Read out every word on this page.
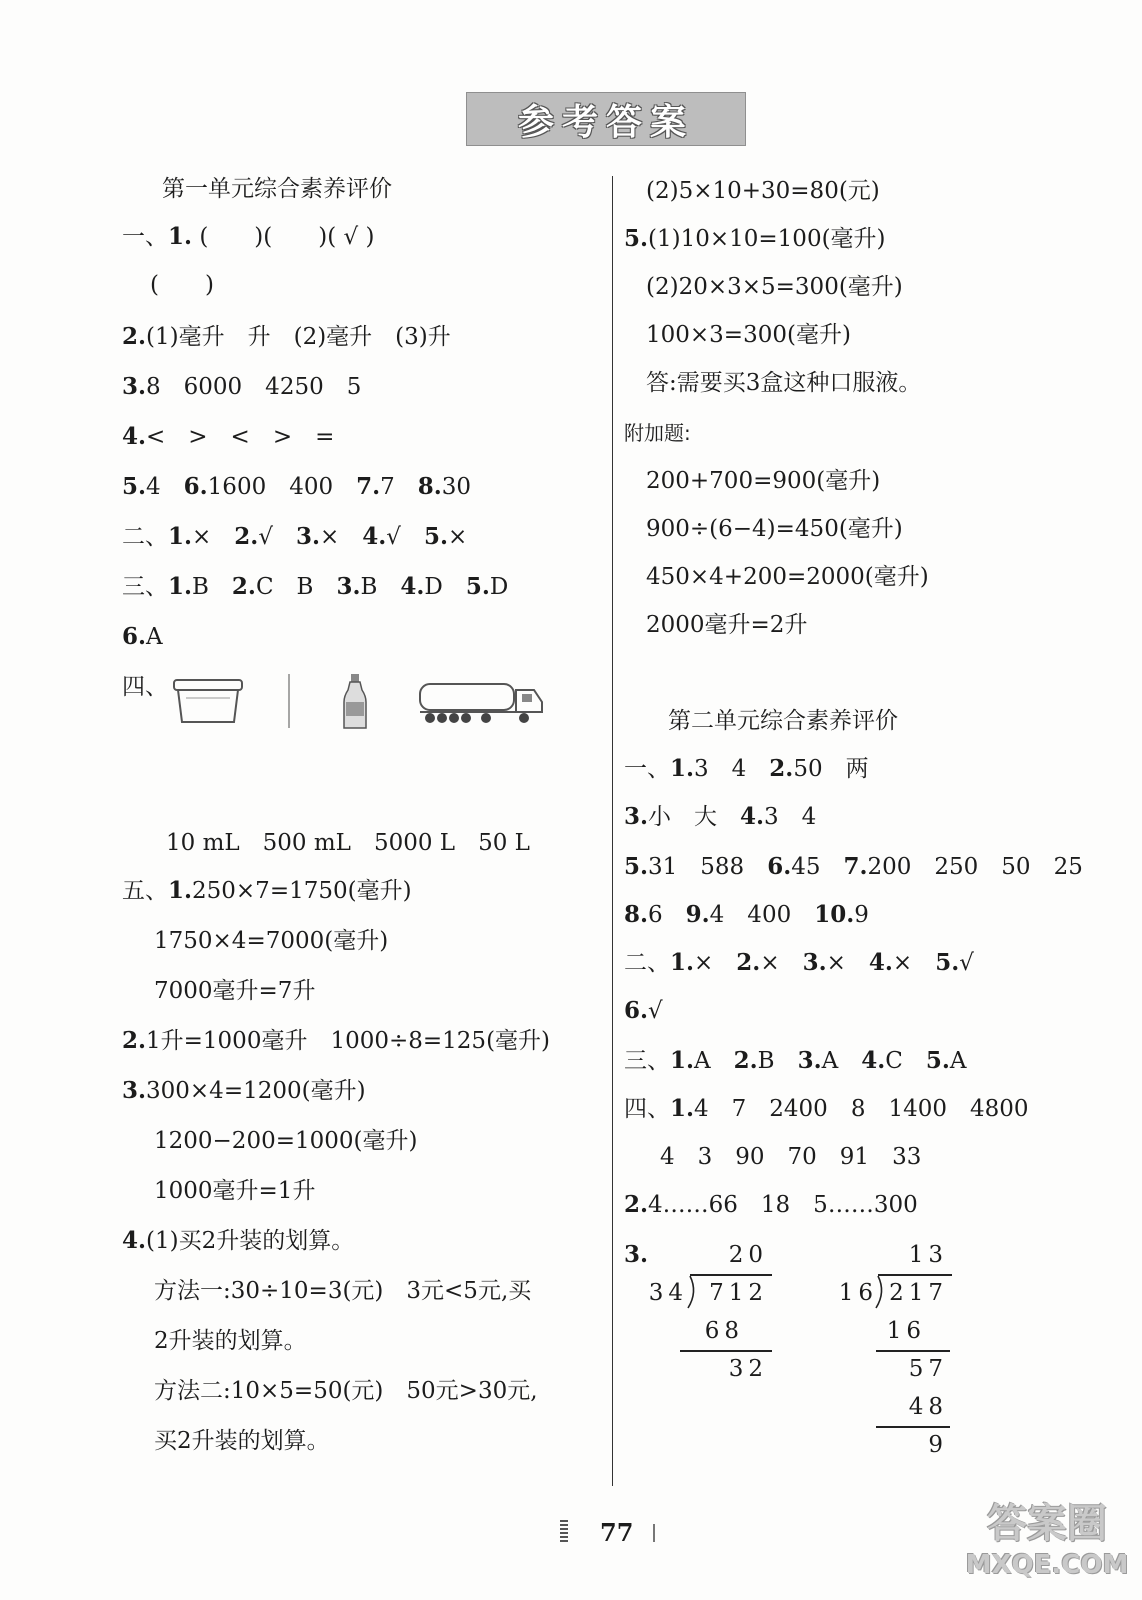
参考答案
第一单元综合素养评价
一、1. (　　)(　　)( √ )
(　　)
2.(1)毫升　升　(2)毫升　(3)升
3.8　6000　4250　5
4.<　>　<　>　=
5.4　6.1600　400　7.7　8.30
二、1.×　2.√　3.×　4.√　5.×
三、1.B　2.C　B　3.B　4.D　5.D
6.A
四、
10 mL　500 mL　5000 L　50 L
五、1.250×7=1750(毫升)
1750×4=7000(毫升)
7000毫升=7升
2.1升=1000毫升　1000÷8=125(毫升)
3.300×4=1200(毫升)
1200−200=1000(毫升)
1000毫升=1升
4.(1)买2升装的划算。
方法一:30÷10=3(元)　3元<5元,买
2升装的划算。
方法二:10×5=50(元)　50元>30元,
买2升装的划算。
(2)5×10+30=80(元)
5.(1)10×10=100(毫升)
(2)20×3×5=300(毫升)
100×3=300(毫升)
答:需要买3盒这种口服液。
附加题:
200+700=900(毫升)
900÷(6−4)=450(毫升)
450×4+200=2000(毫升)
2000毫升=2升
第二单元综合素养评价
一、1.3　4　2.50　两
3.小　大　4.3　4
5.31　588　6.45　7.200　250　50　25
8.6　9.4　400　10.9
二、1.×　2.×　3.×　4.×　5.√
6.√
三、1.A　2.B　3.A　4.C　5.A
四、1.4　7　2400　8　1400　4800
4　3　90　70　91　33
2.4……66　18　5……300
3.	20
34 712
68
32
13
16 217
16
57
48
9
77	答案圈
MXQE.COM
